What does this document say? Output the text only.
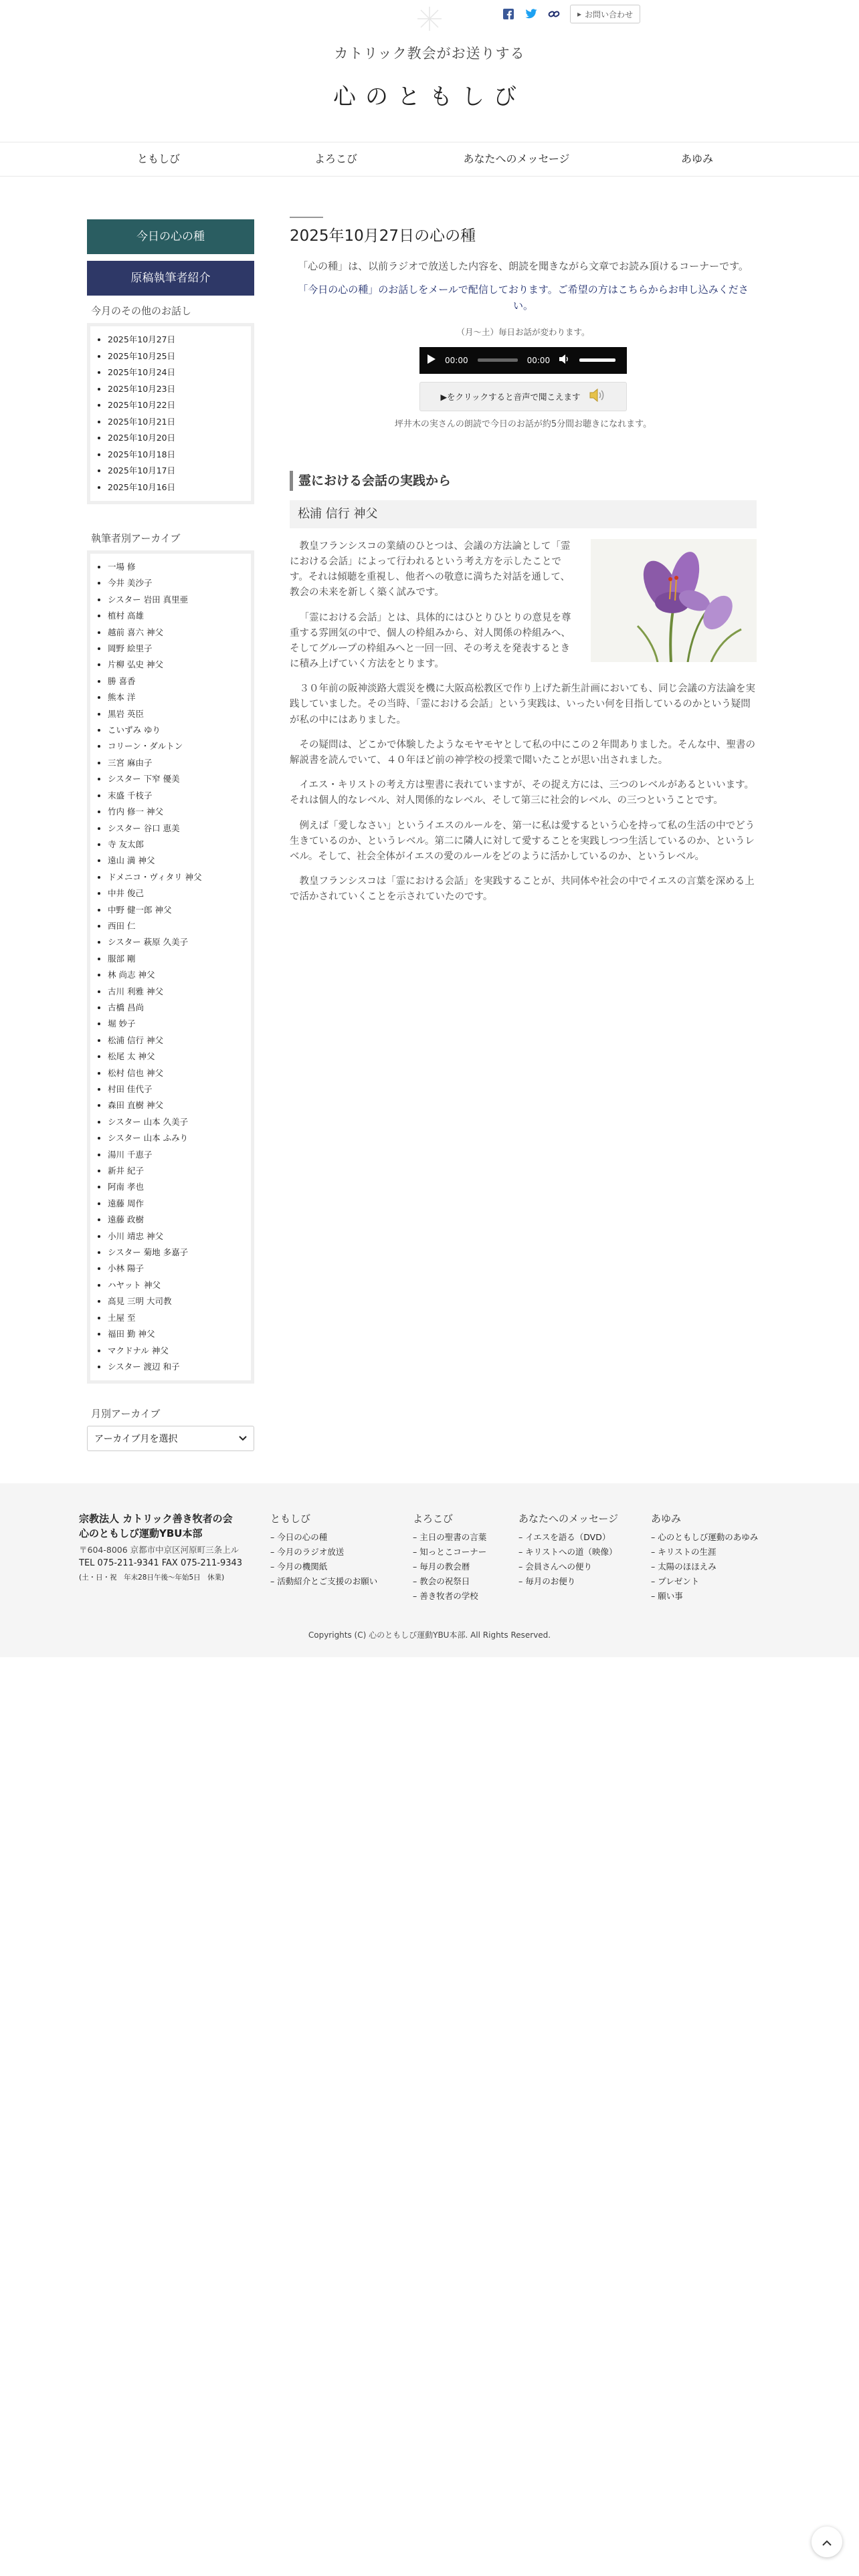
▸ お問い合わせ
カトリック教会がお送りする
心のともしび
ともしび	よろこび	あなたへのメッセージ	あゆみ
今日の心の種
原稿執筆者紹介
今月のその他のお話し
• 2025年10月27日
• 2025年10月25日
• 2025年10月24日
• 2025年10月23日
• 2025年10月22日
• 2025年10月21日
• 2025年10月20日
• 2025年10月18日
• 2025年10月17日
• 2025年10月16日
執筆者別アーカイブ
• 一場 修
• 今井 美沙子
• シスター 岩田 真里亜
• 植村 高雄
• 越前 喜六 神父
• 岡野 絵里子
• 片柳 弘史 神父
• 勝 喜香
• 熊本 洋
• 黒岩 英臣
• こいずみ ゆり
• コリーン・ダルトン
• 三宮 麻由子
• シスター 下窄 優美
• 末盛 千枝子
• 竹内 修一 神父
• シスター 谷口 恵美
• 寺 友太郎
• 遠山 満 神父
• ドメニコ・ヴィタリ 神父
• 中井 俊己
• 中野 健一郎 神父
• 西田 仁
• シスター 萩原 久美子
• 服部 剛
• 林 尚志 神父
• 古川 利雅 神父
• 古橋 昌尚
• 堀 妙子
• 松浦 信行 神父
• 松尾 太 神父
• 松村 信也 神父
• 村田 佳代子
• 森田 直樹 神父
• シスター 山本 久美子
• シスター 山本 ふみり
• 湯川 千恵子
• 新井 紀子
• 阿南 孝也
• 遠藤 周作
• 遠藤 政樹
• 小川 靖忠 神父
• シスター 菊地 多嘉子
• 小林 陽子
• ハヤット 神父
• 高見 三明 大司教
• 土屋 至
• 福田 勤 神父
• マクドナル 神父
• シスター 渡辺 和子
月別アーカイブ
アーカイブ月を選択
2025年10月27日の心の種

「心の種」は、以前ラジオで放送した内容を、朗読を聞きながら文章でお読み頂けるコーナーです。

「今日の心の種」のお話しをメールで配信しております。ご希望の方はこちらからお申し込みください。

（月〜土）毎日お話が変わります。

00:00	00:00
▶をクリックすると音声で聞こえます

坪井木の実さんの朗読で今日のお話が約5分間お聴きになれます。

霊における会話の実践から
松浦 信行 神父

教皇フランシスコの業績のひとつは、会議の方法論として「霊における会話」によって行われるという考え方を示したことです。それは傾聴を重視し、他者への敬意に満ちた対話を通して、教会の未来を新しく築く試みです。

「霊における会話」とは、具体的にはひとりひとりの意見を尊重する雰囲気の中で、個人の枠組みから、対人関係の枠組みへ、そしてグループの枠組みへと一回一回、その考えを発表するときに積み上げていく方法をとります。

３０年前の阪神淡路大震災を機に大阪高松教区で作り上げた新生計画においても、同じ会議の方法論を実践していました。その当時、「霊における会話」という実践は、いったい何を目指しているのかという疑問が私の中にはありました。

その疑問は、どこかで体験したようなモヤモヤとして私の中にこの２年間ありました。そんな中、聖書の解説書を読んでいて、４０年ほど前の神学校の授業で聞いたことが思い出されました。

イエス・キリストの考え方は聖書に表れていますが、その捉え方には、三つのレベルがあるといいます。それは個人的なレベル、対人関係的なレベル、そして第三に社会的レベル、の三つということです。

例えば「愛しなさい」というイエスのルールを、第一に私は愛するという心を持って私の生活の中でどう生きているのか、というレベル。第二に隣人に対して愛することを実践しつつ生活しているのか、というレベル。そして、社会全体がイエスの愛のルールをどのように活かしているのか、というレベル。

教皇フランシスコは「霊における会話」を実践することが、共同体や社会の中でイエスの言葉を深める上で活かされていくことを示されていたのです。

宗教法人 カトリック善き牧者の会
心のともしび運動YBU本部
〒604-8006 京都市中京区河原町三条上ル
TEL 075-211-9341 FAX 075-211-9343
(土・日・祝　年末28日午後〜年始5日　休業)
ともしび
– 今日の心の種
– 今月のラジオ放送
– 今月の機関紙
– 活動紹介とご支援のお願い
よろこび
– 主日の聖書の言葉
– 知っとこコーナー
– 毎月の教会暦
– 教会の祝祭日
– 善き牧者の学校
あなたへのメッセージ
– イエスを語る（DVD）
– キリストへの道（映像）
– 会員さんへの便り
– 毎月のお便り
あゆみ
– 心のともしび運動のあゆみ
– キリストの生涯
– 太陽のほほえみ
– プレゼント
– 願い事
Copyrights (C) 心のともしび運動YBU本部. All Rights Reserved.
